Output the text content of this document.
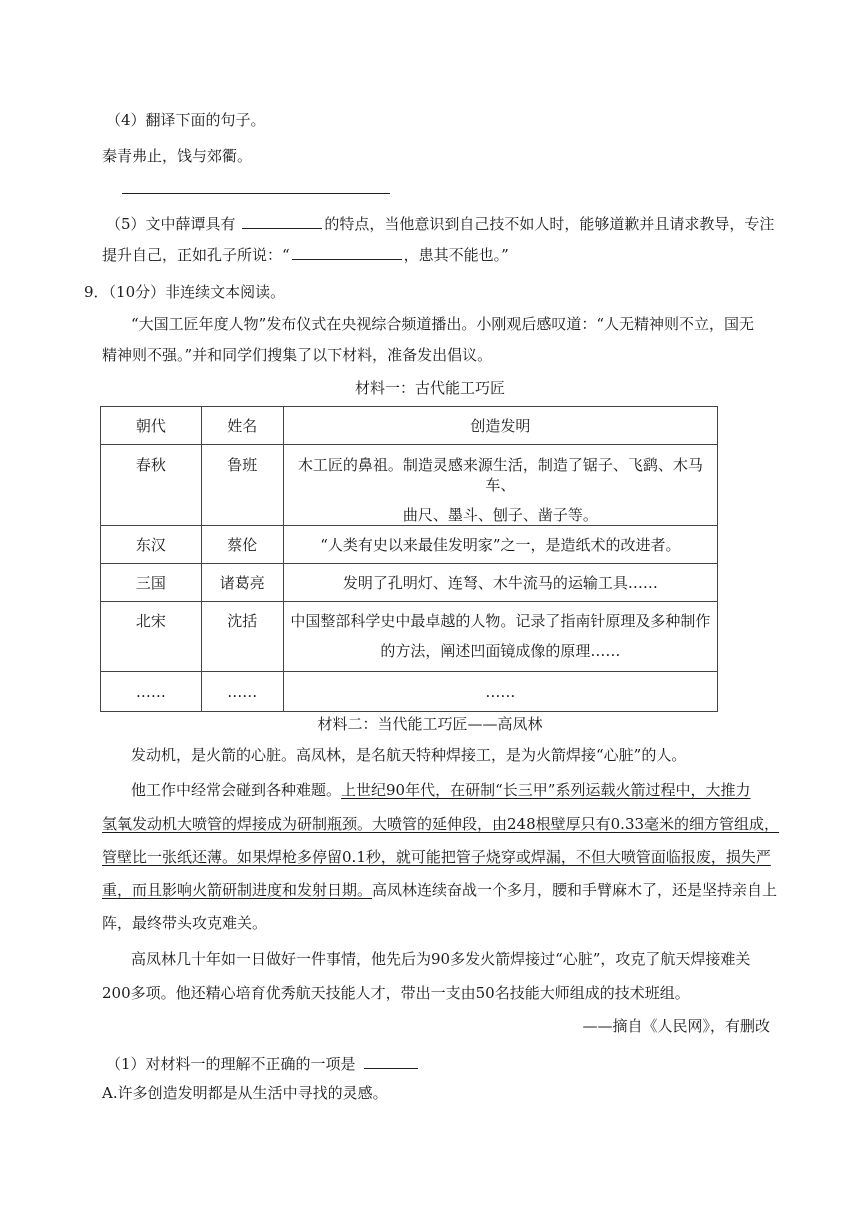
（4）翻译下面的句子。
秦青弗止，饯与郊衢。
（5）文中薛谭具有	的特点，当他意识到自己技不如人时，能够道歉并且请求教导，专注
提升自己，正如孔子所说：“	，患其不能也。”
9．（10分）非连续文本阅读。
“大国工匠年度人物”发布仪式在央视综合频道播出。小刚观后感叹道：“人无精神则不立，国无
精神则不强。”并和同学们搜集了以下材料，准备发出倡议。
材料一：古代能工巧匠
朝代	姓名	创造发明
春秋	鲁班	木工匠的鼻祖。制造灵感来源生活，制造了锯子、飞鹞、木马车、
曲尺、墨斗、刨子、凿子等。

东汉	蔡伦	“人类有史以来最佳发明家”之一，是造纸术的改进者。
三国	诸葛亮	发明了孔明灯、连弩、木牛流马的运输工具……
北宋	沈括	中国整部科学史中最卓越的人物。记录了指南针原理及多种制作
的方法，阐述凹面镜成像的原理……

……	……	……
材料二：当代能工巧匠——高凤林
发动机，是火箭的心脏。高凤林，是名航天特种焊接工，是为火箭焊接“心脏”的人。
他工作中经常会碰到各种难题。上世纪90年代，在研制“长三甲”系列运载火箭过程中，大推力
氢氧发动机大喷管的焊接成为研制瓶颈。大喷管的延伸段，由248根壁厚只有0.33毫米的细方管组成，
管壁比一张纸还薄。如果焊枪多停留0.1秒，就可能把管子烧穿或焊漏，不但大喷管面临报废，损失严
重，而且影响火箭研制进度和发射日期。高凤林连续奋战一个多月，腰和手臂麻木了，还是坚持亲自上
阵，最终带头攻克难关。
高凤林几十年如一日做好一件事情，他先后为90多发火箭焊接过“心脏”，攻克了航天焊接难关
200多项。他还精心培育优秀航天技能人才，带出一支由50名技能大师组成的技术班组。
——摘自《人民网》，有删改
（1）对材料一的理解不正确的一项是
A.许多创造发明都是从生活中寻找的灵感。
